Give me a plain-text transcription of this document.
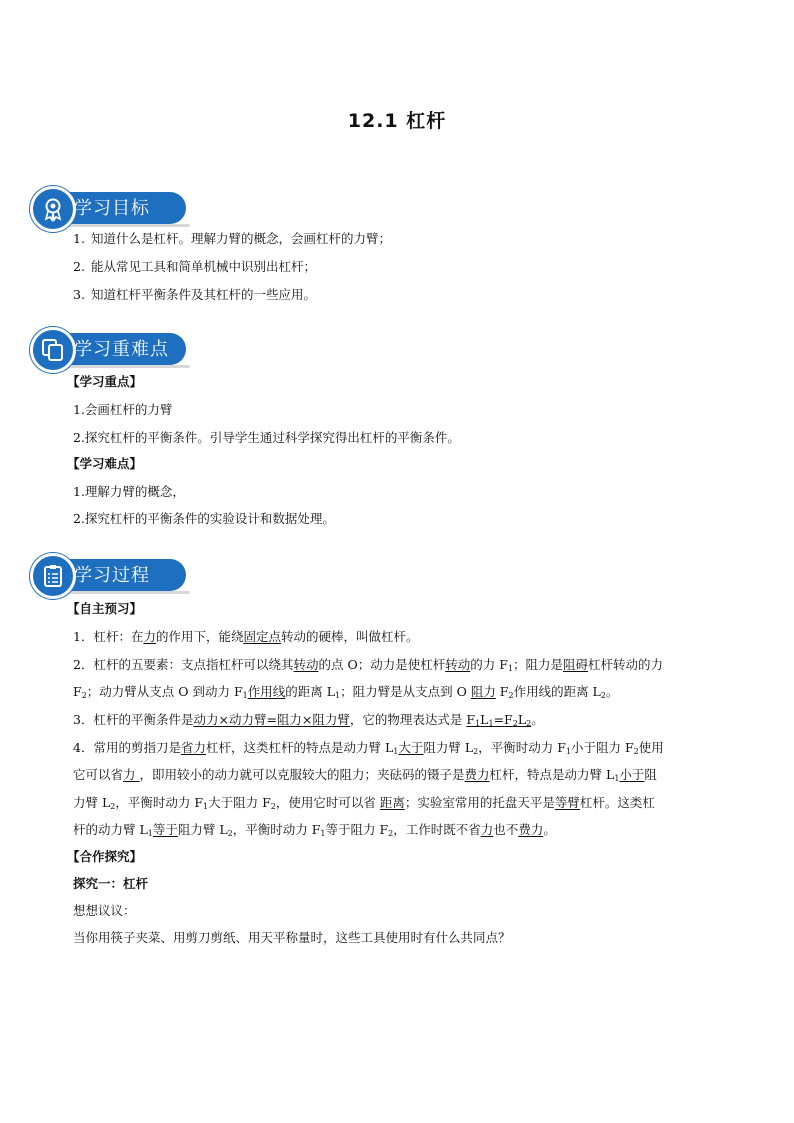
12.1 杠杆
学习目标
1. 知道什么是杠杆。理解力臂的概念，会画杠杆的力臂；
2. 能从常见工具和简单机械中识别出杠杆；
3. 知道杠杆平衡条件及其杠杆的一些应用。
学习重难点
【学习重点】
1.会画杠杆的力臂
2.探究杠杆的平衡条件。引导学生通过科学探究得出杠杆的平衡条件。
【学习难点】
1.理解力臂的概念，
2.探究杠杆的平衡条件的实验设计和数据处理。
学习过程
【自主预习】
1．杠杆：在力的作用下，能绕固定点转动的硬棒，叫做杠杆。
2．杠杆的五要素：支点指杠杆可以绕其转动的点 O；动力是使杠杆转动的力 $F_1$；阻力是阻碍杠杆转动的力
$F_2$；动力臂从支点 O 到动力 $F_1$作用线的距离 $L_1$；阻力臂是从支点到 O 阻力 $F_2$作用线的距离 $L_2$。
3．杠杆的平衡条件是动力×动力臂=阻力×阻力臂，它的物理表达式是 $F_1L_1=F_2L_2$。
4．常用的剪指刀是省力杠杆，这类杠杆的特点是动力臂 $L_1$大于阻力臂 $L_2$，平衡时动力 $F_1$小于阻力 $F_2$使用
它可以省力 ，即用较小的动力就可以克服较大的阻力；夹砝码的镊子是费力杠杆，特点是动力臂 $L_1$小于阻
力臂 $L_2$，平衡时动力 $F_1$大于阻力 $F_2$，使用它时可以省 距离；实验室常用的托盘天平是等臂杠杆。这类杠
杆的动力臂 $L_1$等于阻力臂 $L_2$，平衡时动力 $F_1$等于阻力 $F_2$，工作时既不省力也不费力。
【合作探究】
探究一：杠杆
想想议议：
当你用筷子夹菜、用剪刀剪纸、用天平称量时，这些工具使用时有什么共同点？
